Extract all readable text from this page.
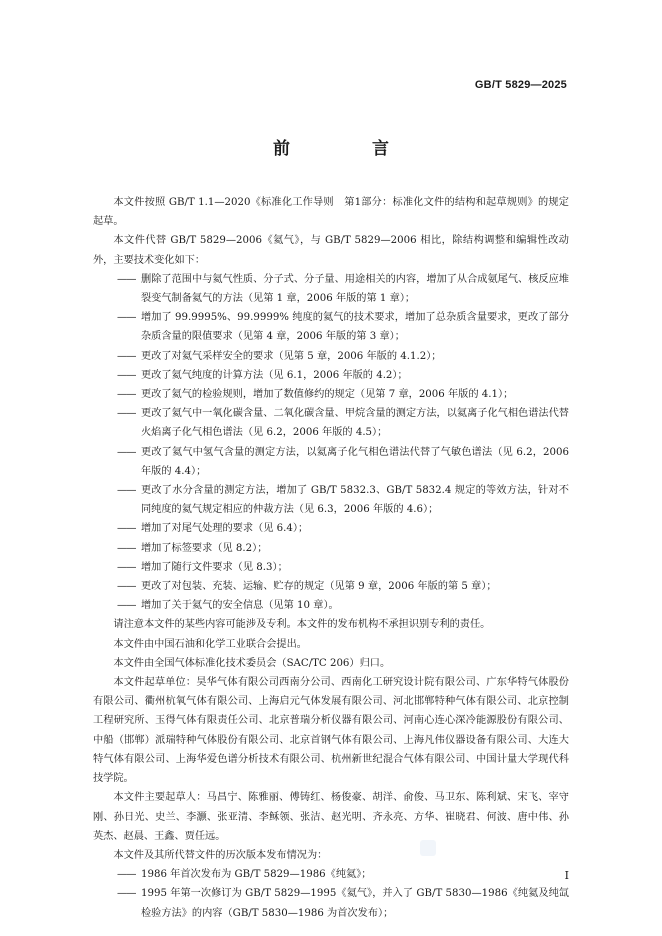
GB/T 5829—2025
前 言

本文件按照 GB/T 1.1—2020《标准化工作导则　第1部分：标准化文件的结构和起草规则》的规定起草。

本文件代替 GB/T 5829—2006《氦气》，与 GB/T 5829—2006 相比，除结构调整和编辑性改动外，主要技术变化如下：

—— 删除了范围中与氦气性质、分子式、分子量、用途相关的内容，增加了从合成氨尾气、核反应堆裂变气制备氦气的方法（见第 1 章，2006 年版的第 1 章）；

—— 增加了 99.9995%、99.9999% 纯度的氦气的技术要求，增加了总杂质含量要求，更改了部分杂质含量的限值要求（见第 4 章，2006 年版的第 3 章）；

—— 更改了对氦气采样安全的要求（见第 5 章，2006 年版的 4.1.2）；

—— 更改了氦气纯度的计算方法（见 6.1，2006 年版的 4.2）；

—— 更改了氦气的检验规则，增加了数值修约的规定（见第 7 章，2006 年版的 4.1）；

—— 更改了氦气中一氧化碳含量、二氧化碳含量、甲烷含量的测定方法，以氦离子化气相色谱法代替火焰离子化气相色谱法（见 6.2，2006 年版的 4.5）；

—— 更改了氦气中氢气含量的测定方法，以氦离子化气相色谱法代替了气敏色谱法（见 6.2，2006 年版的 4.4）；

—— 更改了水分含量的测定方法，增加了 GB/T 5832.3、GB/T 5832.4 规定的等效方法，针对不同纯度的氦气规定相应的仲裁方法（见 6.3，2006 年版的 4.6）；

—— 增加了对尾气处理的要求（见 6.4）；

—— 增加了标签要求（见 8.2）；

—— 增加了随行文件要求（见 8.3）；

—— 更改了对包装、充装、运输、贮存的规定（见第 9 章，2006 年版的第 5 章）；

—— 增加了关于氦气的安全信息（见第 10 章）。

请注意本文件的某些内容可能涉及专利。本文件的发布机构不承担识别专利的责任。

本文件由中国石油和化学工业联合会提出。

本文件由全国气体标准化技术委员会（SAC/TC 206）归口。

本文件起草单位：昊华气体有限公司西南分公司、西南化工研究设计院有限公司、广东华特气体股份有限公司、衢州杭氧气体有限公司、上海启元气体发展有限公司、河北邯郸特种气体有限公司、北京控制工程研究所、玉得气体有限责任公司、北京普瑞分析仪器有限公司、河南心连心深冷能源股份有限公司、中船（邯郸）派瑞特种气体股份有限公司、北京首钢气体有限公司、上海凡伟仪器设备有限公司、大连大特气体有限公司、上海华爱色谱分析技术有限公司、杭州新世纪混合气体有限公司、中国计量大学现代科技学院。

本文件主要起草人：马昌宁、陈雅丽、傅铸红、杨俊豪、胡洋、俞俊、马卫东、陈利斌、宋飞、宰守刚、孙日光、史兰、李灏、张亚清、李稣领、张洁、赵光明、齐永亮、方华、崔晓君、何波、唐中伟、孙英杰、赵晨、王鑫、贾任远。

本文件及其所代替文件的历次版本发布情况为：

—— 1986 年首次发布为 GB/T 5829—1986《纯氦》；

—— 1995 年第一次修订为 GB/T 5829—1995《氦气》，并入了 GB/T 5830—1986《纯氦及纯氙检验方法》的内容（GB/T 5830—1986 为首次发布）；

I
